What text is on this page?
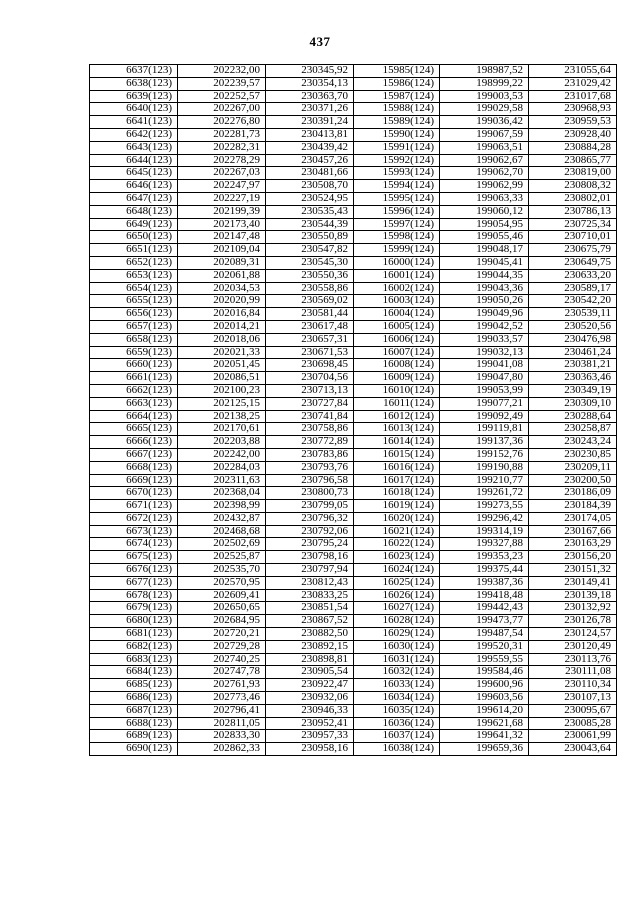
437
6637(123)	202232,00	230345,92	15985(124)	198987,52	231055,64
6638(123)	202239,57	230354,13	15986(124)	198999,22	231029,42
6639(123)	202252,57	230363,70	15987(124)	199003,53	231017,68
6640(123)	202267,00	230371,26	15988(124)	199029,58	230968,93
6641(123)	202276,80	230391,24	15989(124)	199036,42	230959,53
6642(123)	202281,73	230413,81	15990(124)	199067,59	230928,40
6643(123)	202282,31	230439,42	15991(124)	199063,51	230884,28
6644(123)	202278,29	230457,26	15992(124)	199062,67	230865,77
6645(123)	202267,03	230481,66	15993(124)	199062,70	230819,00
6646(123)	202247,97	230508,70	15994(124)	199062,99	230808,32
6647(123)	202227,19	230524,95	15995(124)	199063,33	230802,01
6648(123)	202199,39	230535,43	15996(124)	199060,12	230786,13
6649(123)	202173,40	230544,39	15997(124)	199054,95	230725,34
6650(123)	202147,48	230550,89	15998(124)	199055,46	230710,01
6651(123)	202109,04	230547,82	15999(124)	199048,17	230675,79
6652(123)	202089,31	230545,30	16000(124)	199045,41	230649,75
6653(123)	202061,88	230550,36	16001(124)	199044,35	230633,20
6654(123)	202034,53	230558,86	16002(124)	199043,36	230589,17
6655(123)	202020,99	230569,02	16003(124)	199050,26	230542,20
6656(123)	202016,84	230581,44	16004(124)	199049,96	230539,11
6657(123)	202014,21	230617,48	16005(124)	199042,52	230520,56
6658(123)	202018,06	230657,31	16006(124)	199033,57	230476,98
6659(123)	202021,33	230671,53	16007(124)	199032,13	230461,24
6660(123)	202051,45	230698,45	16008(124)	199041,08	230381,21
6661(123)	202086,51	230704,56	16009(124)	199047,80	230363,46
6662(123)	202100,23	230713,13	16010(124)	199053,99	230349,19
6663(123)	202125,15	230727,84	16011(124)	199077,21	230309,10
6664(123)	202138,25	230741,84	16012(124)	199092,49	230288,64
6665(123)	202170,61	230758,86	16013(124)	199119,81	230258,87
6666(123)	202203,88	230772,89	16014(124)	199137,36	230243,24
6667(123)	202242,00	230783,86	16015(124)	199152,76	230230,85
6668(123)	202284,03	230793,76	16016(124)	199190,88	230209,11
6669(123)	202311,63	230796,58	16017(124)	199210,77	230200,50
6670(123)	202368,04	230800,73	16018(124)	199261,72	230186,09
6671(123)	202398,99	230799,05	16019(124)	199273,55	230184,39
6672(123)	202432,87	230796,32	16020(124)	199296,42	230174,05
6673(123)	202468,68	230792,06	16021(124)	199314,19	230167,66
6674(123)	202502,69	230795,24	16022(124)	199327,88	230163,29
6675(123)	202525,87	230798,16	16023(124)	199353,23	230156,20
6676(123)	202535,70	230797,94	16024(124)	199375,44	230151,32
6677(123)	202570,95	230812,43	16025(124)	199387,36	230149,41
6678(123)	202609,41	230833,25	16026(124)	199418,48	230139,18
6679(123)	202650,65	230851,54	16027(124)	199442,43	230132,92
6680(123)	202684,95	230867,52	16028(124)	199473,77	230126,78
6681(123)	202720,21	230882,50	16029(124)	199487,54	230124,57
6682(123)	202729,28	230892,15	16030(124)	199520,31	230120,49
6683(123)	202740,25	230898,81	16031(124)	199559,55	230113,76
6684(123)	202747,78	230905,54	16032(124)	199584,46	230111,08
6685(123)	202761,93	230922,47	16033(124)	199600,96	230110,34
6686(123)	202773,46	230932,06	16034(124)	199603,56	230107,13
6687(123)	202796,41	230946,33	16035(124)	199614,20	230095,67
6688(123)	202811,05	230952,41	16036(124)	199621,68	230085,28
6689(123)	202833,30	230957,33	16037(124)	199641,32	230061,99
6690(123)	202862,33	230958,16	16038(124)	199659,36	230043,64
